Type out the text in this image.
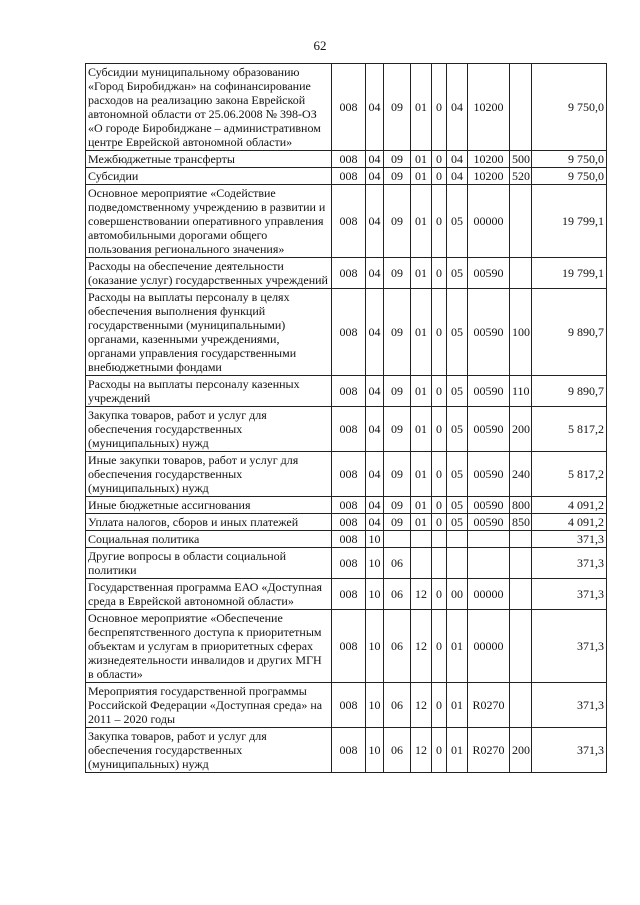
62
Субсидии муниципальному образованию «Город Биробиджан» на софинансирование расходов на реализацию закона Еврейской автономной области от 25.06.2008 № 398-ОЗ «О городе Биробиджане – административном центре Еврейской автономной области»	008	04	09	01	0	04	10200		9 750,0
Межбюджетные трансферты	008	04	09	01	0	04	10200	500	9 750,0
Субсидии	008	04	09	01	0	04	10200	520	9 750,0
Основное мероприятие «Содействие подведомственному учреждению в развитии и совершенствовании оперативного управления автомобильными дорогами общего пользования регионального значения»	008	04	09	01	0	05	00000		19 799,1
Расходы на обеспечение деятельности (оказание услуг) государственных учреждений	008	04	09	01	0	05	00590		19 799,1
Расходы на выплаты персоналу в целях обеспечения выполнения функций государственными (муниципальными) органами, казенными учреждениями, органами управления государственными внебюджетными фондами	008	04	09	01	0	05	00590	100	9 890,7
Расходы на выплаты персоналу казенных учреждений	008	04	09	01	0	05	00590	110	9 890,7
Закупка товаров, работ и услуг для обеспечения государственных (муниципальных) нужд	008	04	09	01	0	05	00590	200	5 817,2
Иные закупки товаров, работ и услуг для обеспечения государственных (муниципальных) нужд	008	04	09	01	0	05	00590	240	5 817,2
Иные бюджетные ассигнования	008	04	09	01	0	05	00590	800	4 091,2
Уплата налогов, сборов и иных платежей	008	04	09	01	0	05	00590	850	4 091,2
Социальная политика	008	10							371,3
Другие вопросы в области социальной политики	008	10	06						371,3
Государственная программа ЕАО «Доступная среда в Еврейской автономной области»	008	10	06	12	0	00	00000		371,3
Основное мероприятие «Обеспечение беспрепятственного доступа к приоритетным объектам и услугам в приоритетных сферах жизнедеятельности инвалидов и других МГН в области»	008	10	06	12	0	01	00000		371,3
Мероприятия государственной программы Российской Федерации «Доступная среда» на 2011 – 2020 годы	008	10	06	12	0	01	R0270		371,3
Закупка товаров, работ и услуг для обеспечения государственных (муниципальных) нужд	008	10	06	12	0	01	R0270	200	371,3
